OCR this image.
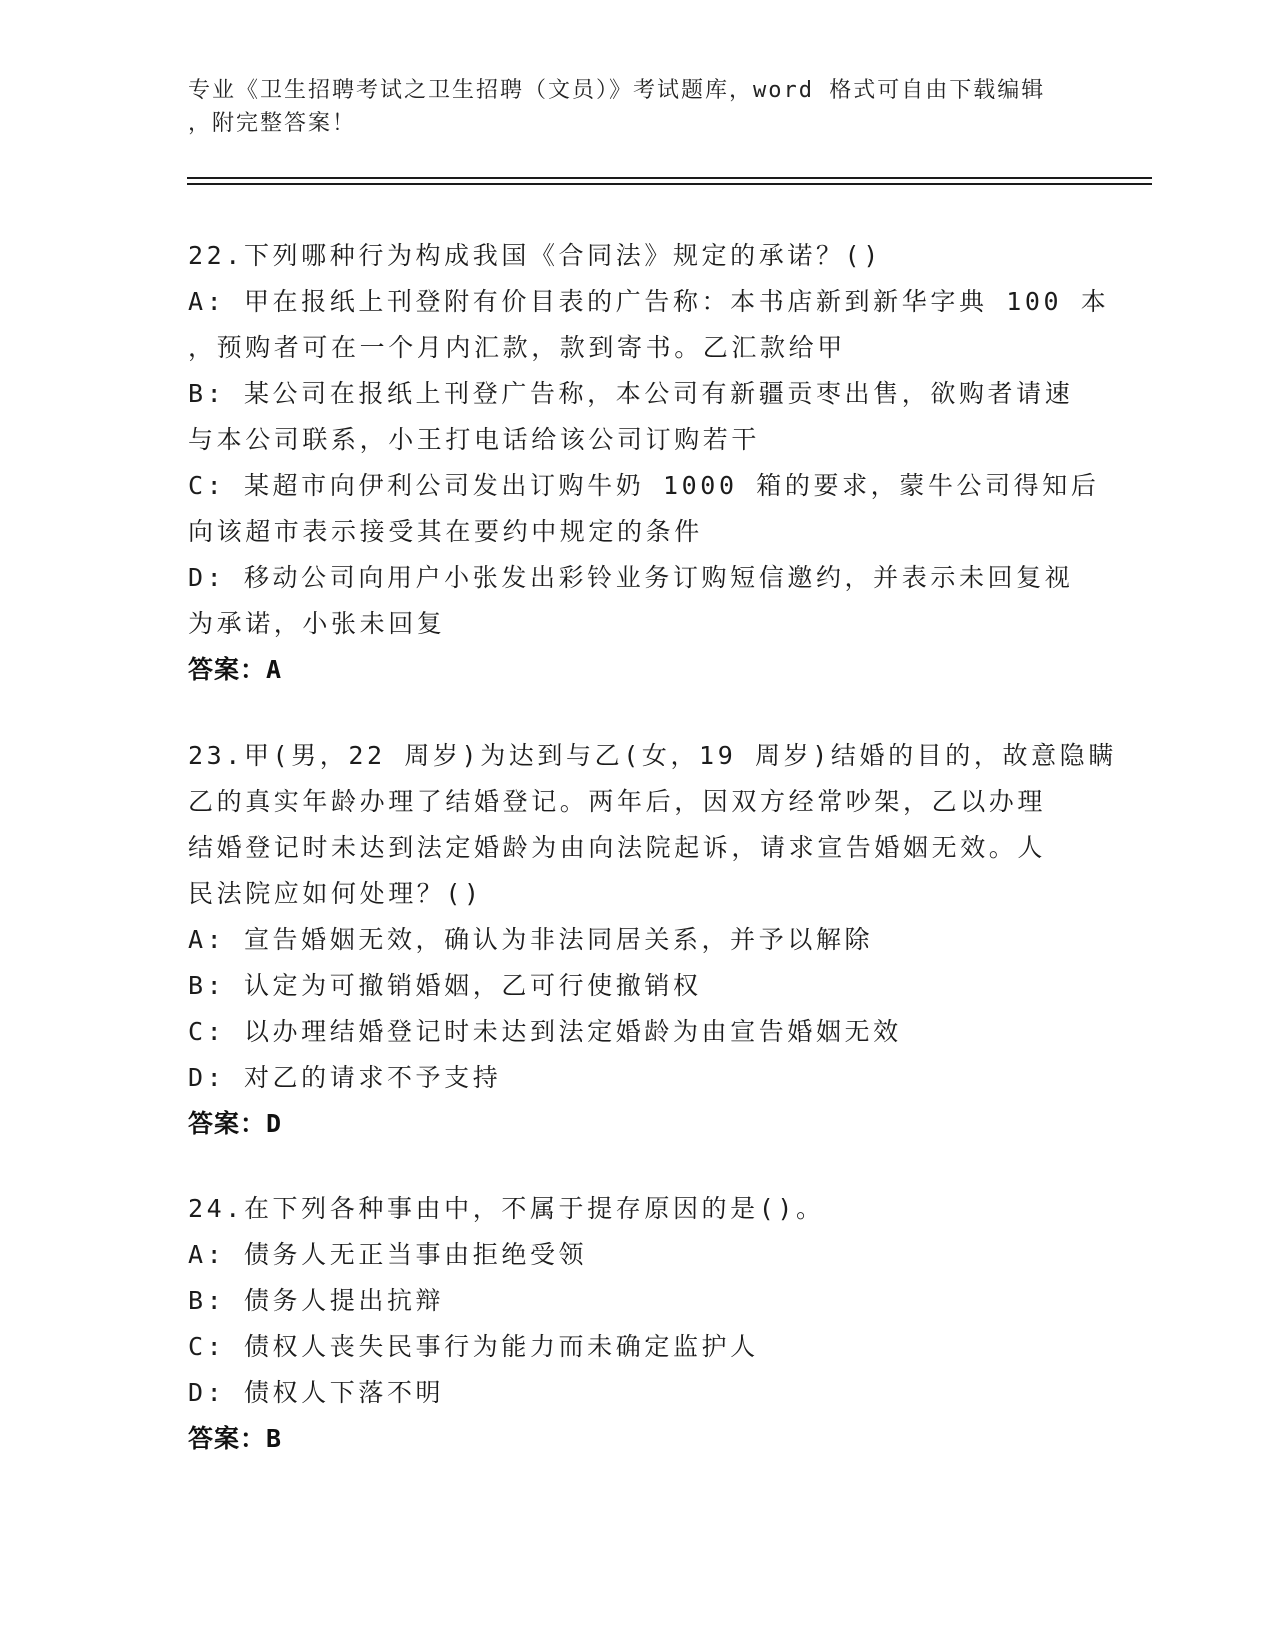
专业《卫生招聘考试之卫生招聘（文员）》考试题库，word 格式可自由下载编辑
，附完整答案！
22.下列哪种行为构成我国《合同法》规定的承诺？()
A: 甲在报纸上刊登附有价目表的广告称：本书店新到新华字典 100 本
，预购者可在一个月内汇款，款到寄书。乙汇款给甲
B: 某公司在报纸上刊登广告称，本公司有新疆贡枣出售，欲购者请速
与本公司联系，小王打电话给该公司订购若干
C: 某超市向伊利公司发出订购牛奶 1000 箱的要求，蒙牛公司得知后
向该超市表示接受其在要约中规定的条件
D: 移动公司向用户小张发出彩铃业务订购短信邀约，并表示未回复视
为承诺，小张未回复
答案：A
23.甲(男，22 周岁)为达到与乙(女，19 周岁)结婚的目的，故意隐瞒
乙的真实年龄办理了结婚登记。两年后，因双方经常吵架，乙以办理
结婚登记时未达到法定婚龄为由向法院起诉，请求宣告婚姻无效。人
民法院应如何处理？()
A: 宣告婚姻无效，确认为非法同居关系，并予以解除
B: 认定为可撤销婚姻，乙可行使撤销权
C: 以办理结婚登记时未达到法定婚龄为由宣告婚姻无效
D: 对乙的请求不予支持
答案：D
24.在下列各种事由中，不属于提存原因的是()。
A: 债务人无正当事由拒绝受领
B: 债务人提出抗辩
C: 债权人丧失民事行为能力而未确定监护人
D: 债权人下落不明
答案：B
